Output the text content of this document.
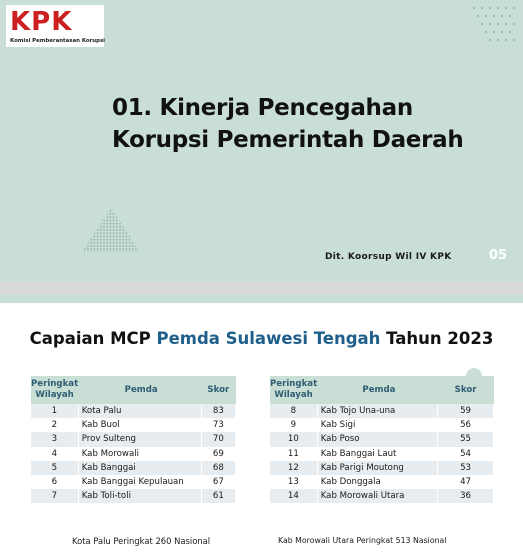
KPK
Komisi Pemberantasan Korupsi
01. Kinerja Pencegahan
Korupsi Pemerintah Daerah
Dit. Koorsup Wil IV KPK	05
Capaian MCP Pemda Sulawesi Tengah Tahun 2023
Peringkat Wilayah	Pemda	Skor
1	Kota Palu	83
2	Kab Buol	73
3	Prov Sulteng	70
4	Kab Morowali	69
5	Kab Banggai	68
6	Kab Banggai Kepulauan	67
7	Kab Toli-toli	61
Peringkat Wilayah	Pemda	Skor
8	Kab Tojo Una-una	59
9	Kab Sigi	56
10	Kab Poso	55
11	Kab Banggai Laut	54
12	Kab Parigi Moutong	53
13	Kab Donggala	47
14	Kab Morowali Utara	36
Kota Palu Peringkat 260 Nasional	Kab Morowali Utara Peringkat 513 Nasional
